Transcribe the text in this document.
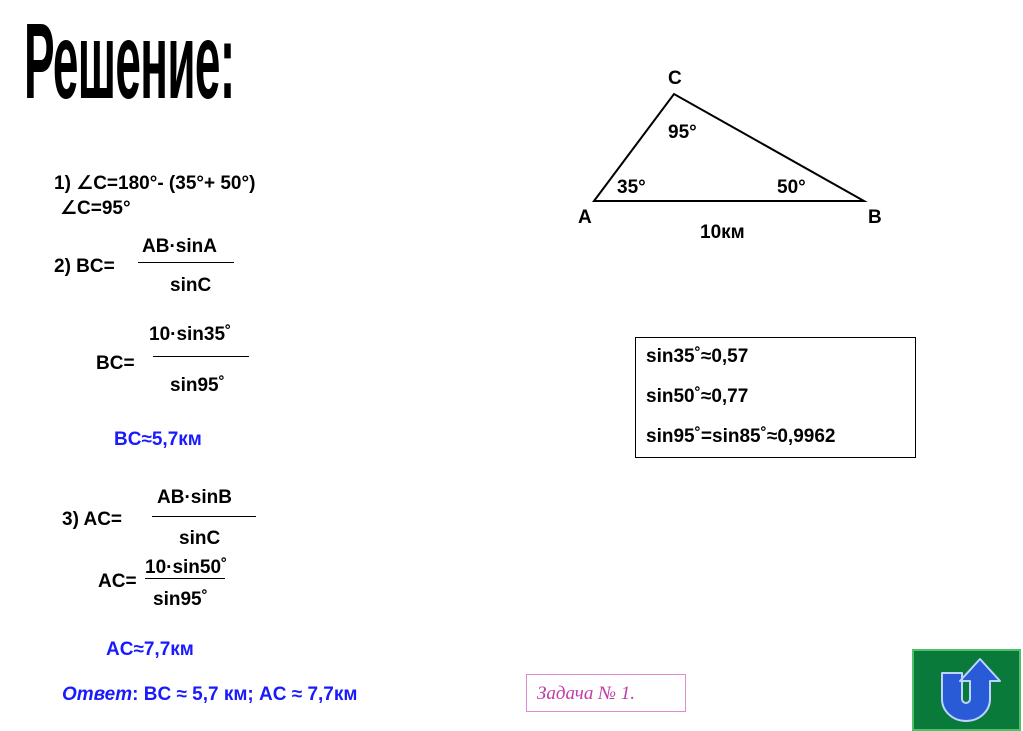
Решение:
1) ∠C=180°- (35°+ 50°)
∠C=95°
2) BC=
AB·sinA
sinC
BC=
10·sin35˚
sin95˚
BC≈5,7км
3) AC=
AB·sinB
sinC
AC=
10·sin50˚
sin95˚
AC≈7,7км
Ответ: BC ≈ 5,7 км; AC ≈ 7,7км
C
A	B
95°
35°	50°
10км
sin35˚≈0,57
sin50˚≈0,77
sin95˚=sin85˚≈0,9962
Задача № 1.
